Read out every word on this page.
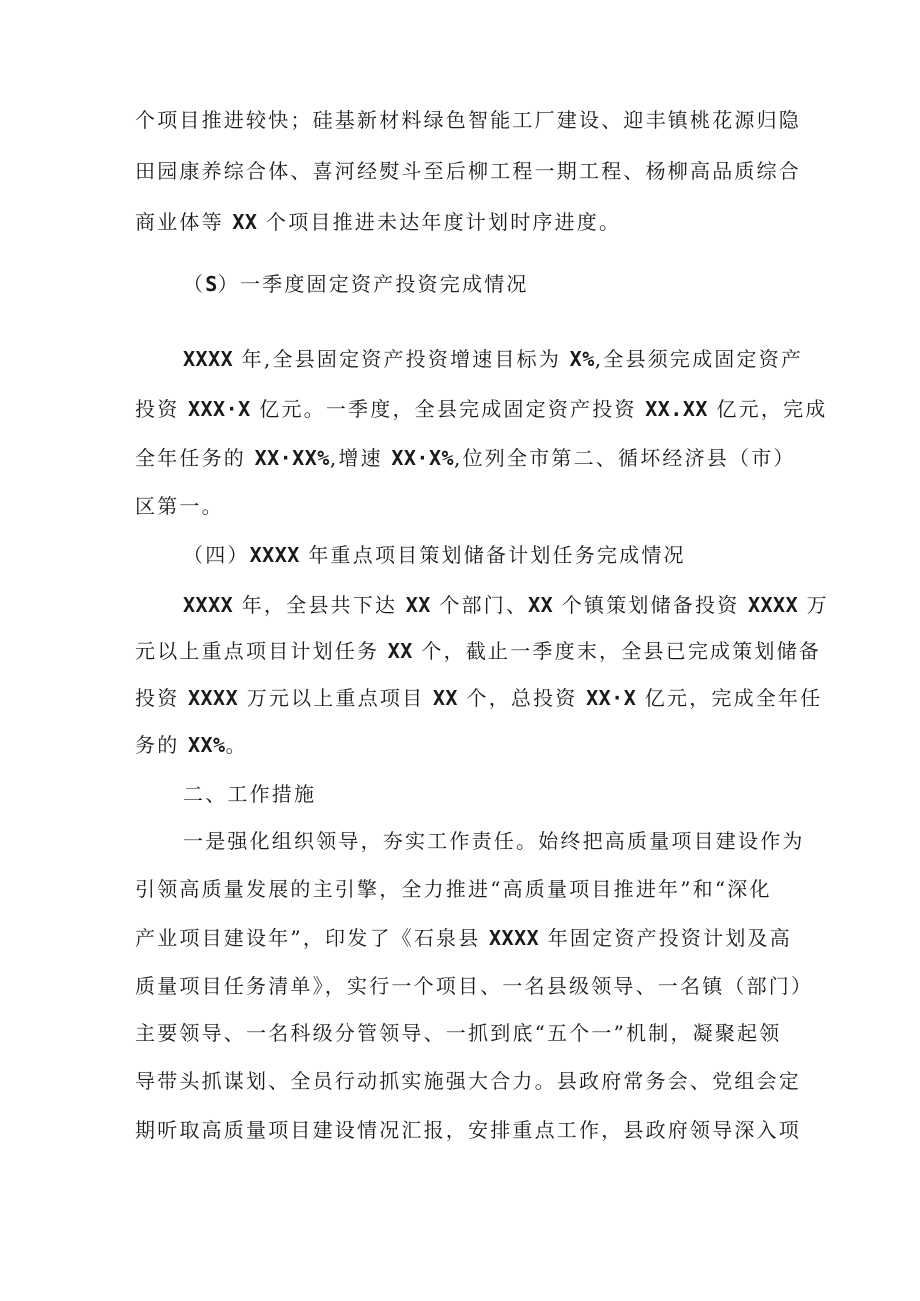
个项目推进较快；硅基新材料绿色智能工厂建设、迎丰镇桃花源归隐
田园康养综合体、喜河经熨斗至后柳工程一期工程、杨柳高品质综合
商业体等 XX 个项目推进未达年度计划时序进度。
（S）一季度固定资产投资完成情况
XXXX 年,全县固定资产投资增速目标为 X%,全县须完成固定资产
投资 XXX·X 亿元。一季度，全县完成固定资产投资 XX.XX 亿元，完成
全年任务的 XX·XX%,增速 XX·X%,位列全市第二、循坏经济县（市）
区第一。
（四）XXXX 年重点项目策划储备计划任务完成情况
XXXX 年，全县共下达 XX 个部门、XX 个镇策划储备投资 XXXX 万
元以上重点项目计划任务 XX 个，截止一季度末，全县已完成策划储备
投资 XXXX 万元以上重点项目 XX 个，总投资 XX·X 亿元，完成全年任
务的 XX%。
二、工作措施
一是强化组织领导，夯实工作责任。始终把高质量项目建设作为
引领高质量发展的主引擎，全力推进“高质量项目推进年”和“深化
产业项目建设年”，印发了《石泉县 XXXX 年固定资产投资计划及高
质量项目任务清单》，实行一个项目、一名县级领导、一名镇（部门）
主要领导、一名科级分管领导、一抓到底“五个一”机制，凝聚起领
导带头抓谋划、全员行动抓实施强大合力。县政府常务会、党组会定
期听取高质量项目建设情况汇报，安排重点工作，县政府领导深入项
